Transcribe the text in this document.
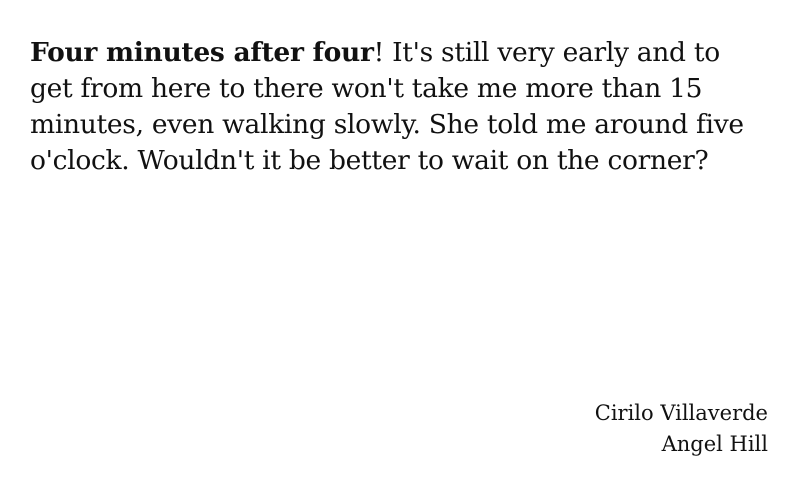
Four minutes after four! It's still very early and to get from here to there won't take me more than 15 minutes, even walking slowly. She told me around five o'clock. Wouldn't it be better to wait on the corner?

Cirilo Villaverde
Angel Hill
